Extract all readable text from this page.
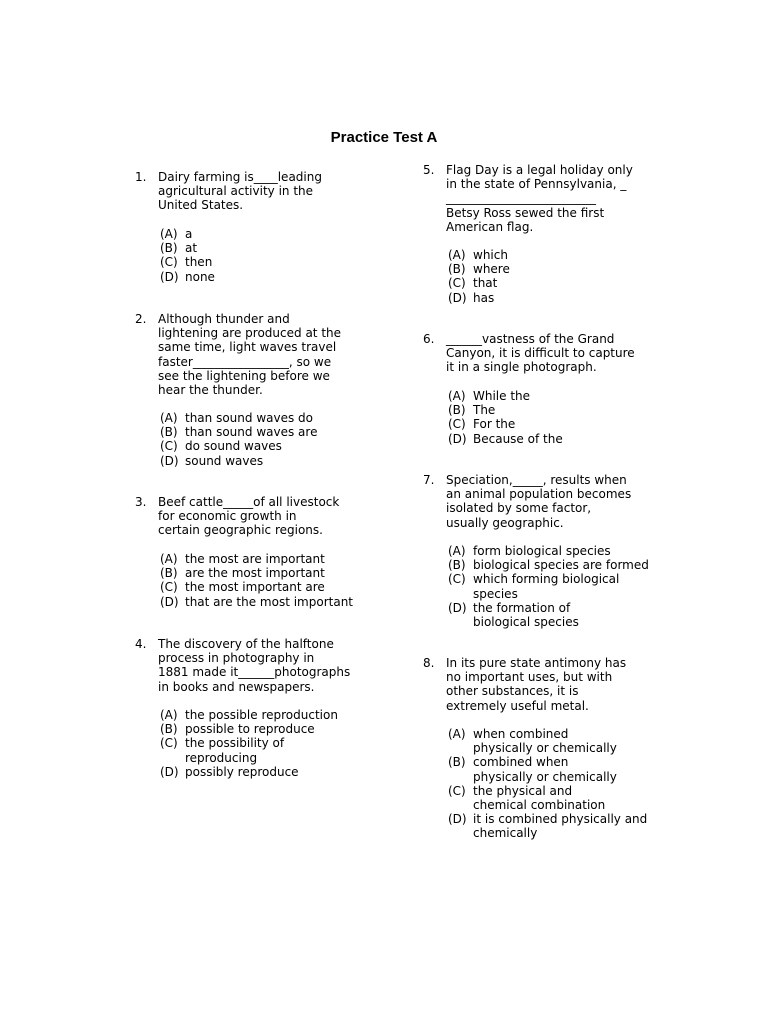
Practice Test A
1. Dairy farming is____leading
agricultural activity in the
United States.
(A) a
(B) at
(C) then
(D) none
2. Although thunder and
lightening are produced at the
same time, light waves travel
faster________________, so we
see the lightening before we
hear the thunder.
(A) than sound waves do
(B) than sound waves are
(C) do sound waves
(D) sound waves
3. Beef cattle_____of all livestock
for economic growth in
certain geographic regions.
(A) the most are important
(B) are the most important
(C) the most important are
(D) that are the most important
4. The discovery of the halftone
process in photography in
1881 made it______photographs
in books and newspapers.
(A) the possible reproduction
(B) possible to reproduce
(C) the possibility of
reproducing
(D) possibly reproduce
5. Flag Day is a legal holiday only
in the state of Pennsylvania, _
_________________________
Betsy Ross sewed the first
American flag.
(A) which
(B) where
(C) that
(D) has
6. ______vastness of the Grand
Canyon, it is difficult to capture
it in a single photograph.
(A) While the
(B) The
(C) For the
(D) Because of the
7. Speciation,_____, results when
an animal population becomes
isolated by some factor,
usually geographic.
(A) form biological species
(B) biological species are formed
(C) which forming biological
species
(D) the formation of
biological species
8. In its pure state antimony has
no important uses, but with
other substances, it is
extremely useful metal.
(A) when combined
physically or chemically
(B) combined when
physically or chemically
(C) the physical and
chemical combination
(D) it is combined physically and
chemically
